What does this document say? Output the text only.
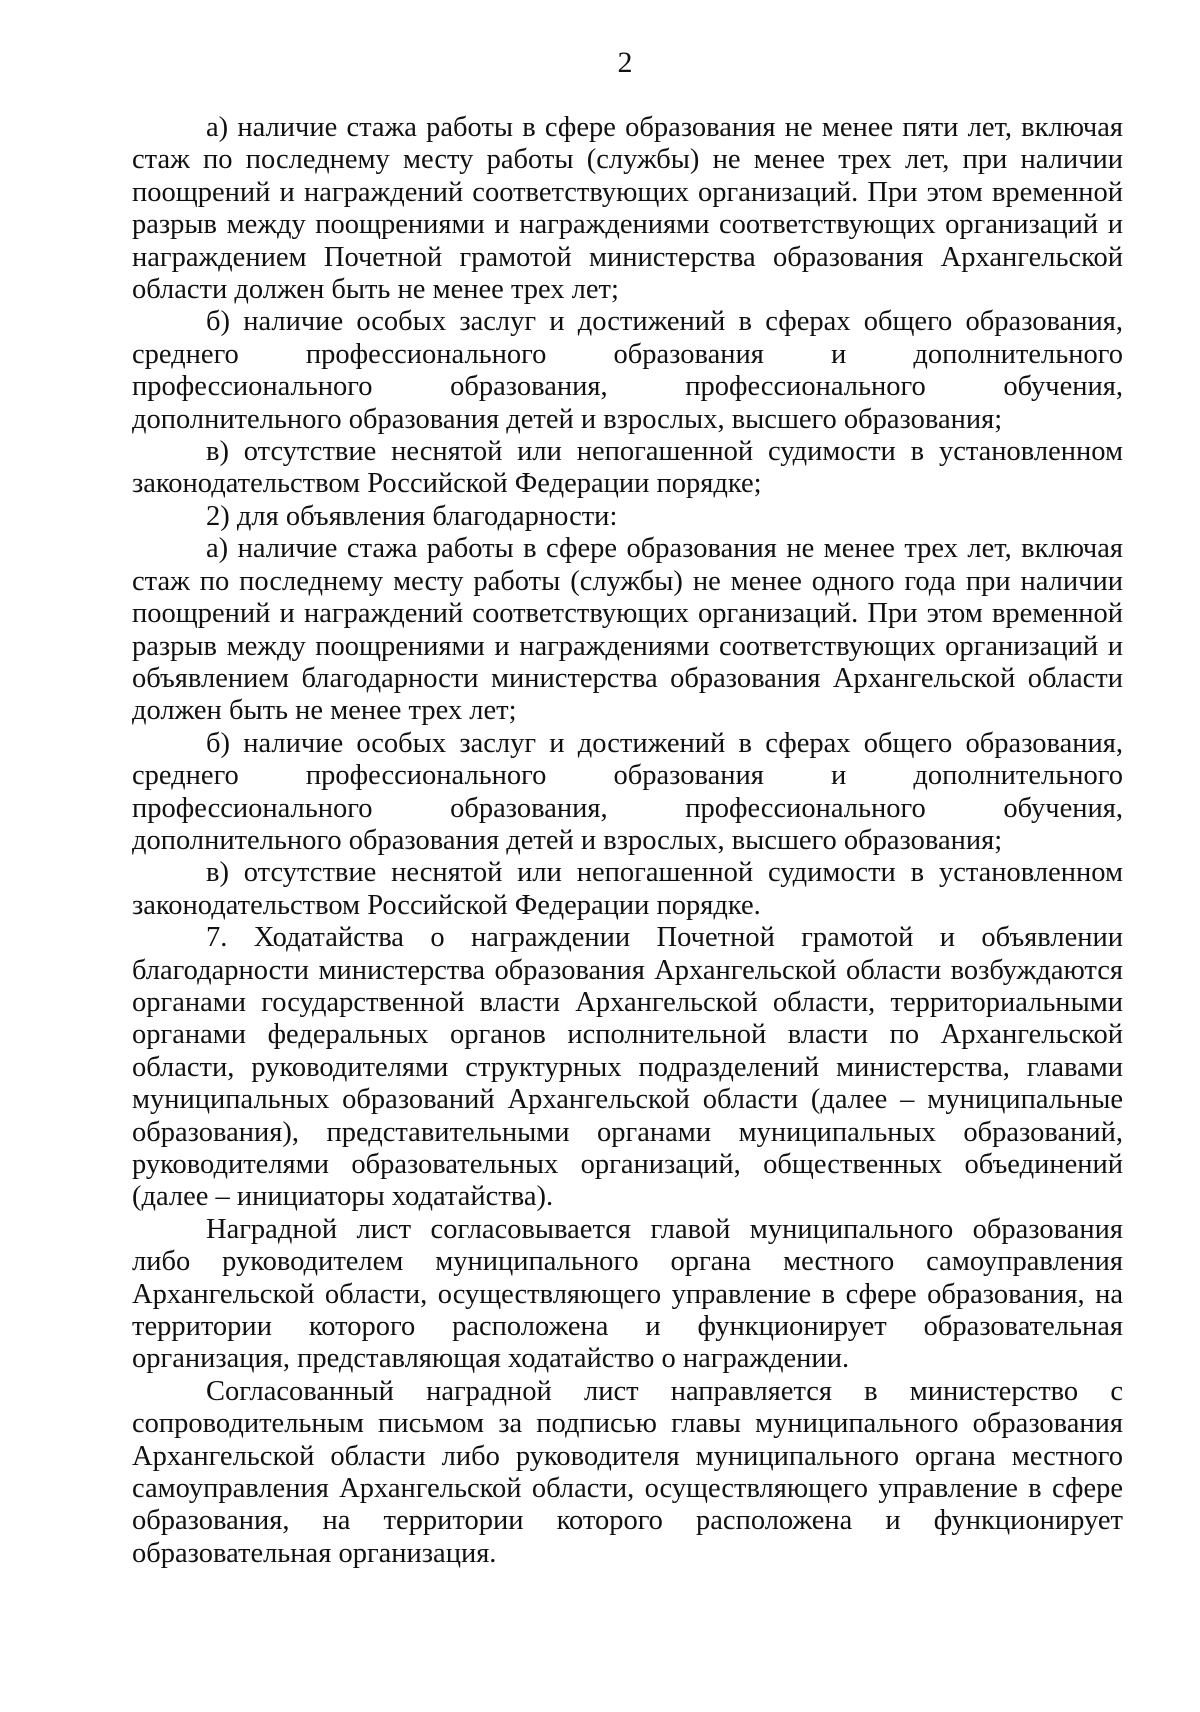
2

а) наличие стажа работы в сфере образования не менее пяти лет, включая стаж по последнему месту работы (службы) не менее трех лет, при наличии поощрений и награждений соответствующих организаций. При этом временной разрыв между поощрениями и награждениями соответствующих организаций и награждением Почетной грамотой министерства образования Архангельской области должен быть не менее трех лет;

б) наличие особых заслуг и достижений в сферах общего образования, среднего профессионального образования и дополнительного профессионального образования, профессионального обучения, дополнительного образования детей и взрослых, высшего образования;

в) отсутствие неснятой или непогашенной судимости в установленном законодательством Российской Федерации порядке;

2) для объявления благодарности:

а) наличие стажа работы в сфере образования не менее трех лет, включая стаж по последнему месту работы (службы) не менее одного года при наличии поощрений и награждений соответствующих организаций. При этом временной разрыв между поощрениями и награждениями соответствующих организаций и объявлением благодарности министерства образования Архангельской области должен быть не менее трех лет;

б) наличие особых заслуг и достижений в сферах общего образования, среднего профессионального образования и дополнительного профессионального образования, профессионального обучения, дополнительного образования детей и взрослых, высшего образования;

в) отсутствие неснятой или непогашенной судимости в установленном законодательством Российской Федерации порядке.

7. Ходатайства о награждении Почетной грамотой и объявлении благодарности министерства образования Архангельской области возбуждаются органами государственной власти Архангельской области, территориальными органами федеральных органов исполнительной власти по Архангельской области, руководителями структурных подразделений министерства, главами муниципальных образований Архангельской области (далее – муниципальные образования), представительными органами муниципальных образований, руководителями образовательных организаций, общественных объединений (далее – инициаторы ходатайства).

Наградной лист согласовывается главой муниципального образования либо руководителем муниципального органа местного самоуправления Архангельской области, осуществляющего управление в сфере образования, на территории которого расположена и функционирует образовательная организация, представляющая ходатайство о награждении.

Согласованный наградной лист направляется в министерство с сопроводительным письмом за подписью главы муниципального образования Архангельской области либо руководителя муниципального органа местного самоуправления Архангельской области, осуществляющего управление в сфере образования, на территории которого расположена и функционирует образовательная организация.
